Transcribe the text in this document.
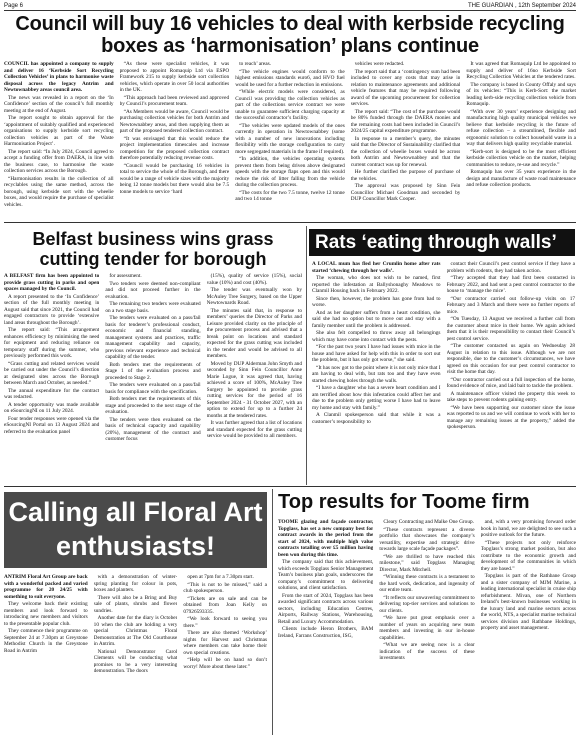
Page 6	THE GUARDIAN , 12th September 2024
Council will buy 16 vehicles to deal with kerbside recycling boxes as ‘harmonisation’ plans continue

COUNCIL has appointed a company to supply and deliver 16 ‘Kerbside Sort Recycling Collection Vehicles’ in plans to harmonise waste disposal across the legacy Antrim and Newtownabbey areas council area.

The news was revealed in a report on the ‘In Confidence’ section of the council’s full monthly meeting at the end of August.

The report sought to obtain approval for the ‘appointment of suitably qualified and experienced organisations to supply kerbside sort recycling collection vehicles as part of the Waste Harmonisation Project’.

The report said: “In July 2024, Council agreed to accept a funding offer from DAERA, in line with the business case, to harmonise the waste collection services across the Borough.

“Harmonisation results in the collection of all recyclables using the same method, across the borough, using kerbside sort with the wheelie boxes, and would require the purchase of specialist vehicles.

“As these were specialist vehicles, it was proposed to appoint Romaquip Ltd via ESPO Framework 215 to supply kerbside sort collection vehicles, which operate in over 50 local authorities in the UK.

“This approach had been reviewed and approved by Council’s procurement team.

“As Members would be aware, Council would be purchasing collection vehicles for both Antrim and Newtownabbey areas, and then supplying them as part of the proposed tendered collection contract.

“It was envisaged that this would reduce the project implementation timescales and increase competition for the proposed collection contract therefore potentially reducing revenue costs.

“Council would be purchasing 16 vehicles in total to service the whole of the Borough, and there would be a range of vehicle sizes with the majority being 12 tonne models but there would also be 7.5 tonne models to service ‘hard

to reach’ areas.

“The vehicle engines would conform to the highest emissions standards euro6, and HVO fuel would be used for a further reduction in emissions.

“While electric models were considered, as Council was providing the collection vehicles as part of the collections service contract we were unable to guarantee sufficient charging capacity at the successful contractor’s facility.

“The vehicles were updated models of the ones currently in operation in Newtownabbey (some with a number of new innovations including flexibility with the storage configuration to carry more segregated materials in the frame if required).

“In addition, the vehicles operating systems prevent them from being driven above designated speeds with the storage flaps open and this would reduce the risk of litter falling from the vehicle during the collection process.

“The costs for the two 7.5 tonne, twelve 12 tonne and two 14 tonne

vehicles were redacted.

The report said that a ‘contingency sum had been included to cover any costs that may arise in relation to maintenance agreements and additional vehicle features that may be required following award of the upcoming procurement for collection services.

The report said: “The cost of the purchase would be 80% funded through the DAERA monies and the remaining costs had been included in Council’s 2024/25 capital expenditure programme.

In response to a member’s query, the minutes said that the Director of Sustainability clarified that the collection of wheelie boxes would be across both Antrim and Newtownabbey and that the current contract was up for renewal.

He further clarified the purpose of purchase of the vehicles.

The approval was proposed by Sinn Fein Councillor Michael Goodman and seconded by DUP Councillor Mark Cooper.

It was agreed that Romaquip Ltd be appointed to supply and deliver of 16no Kerbside Sort Recycling Collection Vehicles at the tendered rates.

The company is based in County Offaly and says of its vehicles: “This is Kerb-Sort: the market leading kerb-side recycling collection vehicle from Romaquip.

“With over 30 years’ experience designing and manufacturing high quality municipal vehicles we believe that kerbside recycling is the future of refuse collection – a streamlined, flexible and ergonomic solution to collect household waste in a way that delivers high quality recyclable material.

“Kerb-sort is designed to be the most efficient kerbside collection vehicle on the market, helping communities to reduce, re-use and recycle.”

Romaquip has over 35 years experience in the design and manufacture of waste road maintenance and refuse collection products.

Belfast business wins grass cutting tender for borough

A BELFAST firm has been appointed to provide grass cutting in parks and open spaces managed by the Council.

A report presented to the ‘In Confidence’ section of the full monthly meeting in August said that since 2021, the Council had engaged contractors to provide ‘extensive land areas throughout the Borough’.

The report said: “This arrangement enhances efficiency by minimising the need for equipment and reducing reliance on temporary staff during the summer, who previously performed this work.

“Grass cutting and related services would be carried out under the Council’s direction at designated sites across the Borough between March and October, as needed.”

The annual expenditure for the contract was redacted.

A tender opportunity was made available on eSourcingNI on 11 July 2024.

Four tender responses were opened via the eSourcingNI Portal on 13 August 2024 and referred to the evaluation panel

for assessment.

Two tenders were deemed non-compliant and did not proceed further in the evaluation.

The remaining two tenders were evaluated on a two stage basis.

The tenders were evaluated on a pass/fail basis for tenderer’s professional conduct, economic and financial standing, management systems and practices, traffic management capability and capacity, previous relevant experience and technical capability of the tender.

Both tenders met the requirements of Stage 1 of the evaluation process and proceeded to Stage 2.

The tenders were evaluated on a pass/fail basis for compliance with the specification.

Both tenders met the requirements of this stage and proceeded to the next stage of the evaluation.

The tenders were then evaluated on the basis of technical capacity and capability (20%), management of the contract and customer focus

(15%), quality of service (15%), social value (10%) and cost (40%).

The tender was eventually won by McAuley Tree Surgery, based on the Upper Newtownards Road.

The minutes said that, in response to members’ queries the Director of Parks and Leisure provided clarity on the principle of the procurement process and advised that a break point on locations and standard expected for the grass cutting was included in the tender and would be advised to all members.

Moved by DUP Alderman John Smyth and seconded by Sinn Fein Councillor Anne Marie Logue, it was agreed that, having achieved a score of 100%, McAuley Tree Surgery be appointed to provide grass cutting services for the period of 16 September 2024 - 31 October 2027, with an option to extend for up to a further 24 months at the tendered rates.

It was further agreed that a list of locations and standard expected for the grass cutting service would be provided to all members.

Rats ‘eating through walls’

A LOCAL mum has fled her Crumlin home after rats started ‘chewing through her walls’.

The woman, who does not wish to be named, first reported the infestation at Ballyshonaghy Meadows to Clanmil Housing back in February 2022.

Since then, however, the problem has gone from bad to worse.

And as her daughter suffers from a heart condition, she said she had no option but to move out and stay with a family member until the problem is addressed.

She also felt compelled to throw away all belongings which may have come into contact with the pests.

“For the past two years I have had issues with mice in the house and have asked for help with this in order to sort out the problem, but it has only got worse,” she said.

“It has now got to the point where it is not only mice that I am having to deal with, but rats too and they have even started chewing holes through the walls.

“I have a daughter who has a severe heart condition and I am terrified about how this infestation could affect her and due to the problem only getting worse I have had to leave my home and stay with family.”

A Clanmil spokesperson said that while it was a customer’s responsibility to

contact their Council’s pest control service if they have a problem with rodents, they had taken action.

“They accepted that they had first been contacted in February 2022, and had sent a pest control contractor to the house to ‘manage the mice’.

“Our contractor carried out follow-up visits on 17 February and 3 March and there were no further reports of mice.

“On Tuesday, 13 August we received a further call from the customer about mice in their home. We again advised them that it is their responsibility to contact their Council’s pest control service.

“The customer contacted us again on Wednesday 28 August in relation to this issue. Although we are not responsible, due to the customer’s circumstances, we have agreed on this occasion for our pest control contractor to visit the home that day.

“Our contractor carried out a full inspection of the home, found evidence of mice, and laid bait to tackle the problem.

A maintenance officer visited the property this week to take steps to prevent rodents gaining entry.

“We have been supporting our customer since the issue was reported to us and we will continue to work with her to manage any remaining issues at the property,” added the spokesperson.

Calling all Floral Art enthusiasts!

ANTRIM Floral Art Group are back with a wonderful packed and varied programme for 20 24/25 with something to suit everyone.

They welcome back their existing members and look forward to introducing new members and visitors to the presentable popular club.

They commence their programme on September 24 at 7.30pm at Greystone Methodist Church in the Greystone Road in Antrim

with a demonstration of winter-spring planting for colour in pots, boxes and planters.

There will also be a Bring and Buy sale of plants, shrubs and flower sundries.

Another date for the diary is October 10 when the club are holding a very special Christmas Floral Demonstration at The Old Courthouse in Antrim.

National Demonstrator Carol Clements will be conducting what promises to be a very interesting demonstration. The doors

open at 7pm for a 7.30pm start.

“This is not to be missed,” said a club spokesperson.

“Tickets are on sale and can be obtained from Joan Kelly on 07926593335.

“We look forward to seeing you there.”

There are also themed ‘Workshop’ nights for Harvest and Christmas where members can take home their own special creations.

“Help will be on hand so don’t worry! More about these later.”

Top results for Toome firm

TOOME glazing and façade contractor, Topglass, has set a new company best for contract awards in the period from the start of 2024, with multiple high value contracts totalling over £5 million having been won during this time.

The company said that this achievement, which exceeds Topglass Senior Management Team’s business plan goals, underscores the company’s commitment to delivering solutions, and client satisfaction.

From the start of 2024, Topglass has been awarded significant contracts across various sectors, including Education Centres, Airports, Railway Stations, Warehousing, Retail and Luxury Accommodation.

Clients include Heron Brothers, BAM Ireland, Farrans Construction, ISG,

Cleary Contracting and Malke One Group.

“These contracts represent a diverse portfolio that showcases the company’s versatility, expertise and strategic drive towards large scale façade packages”.

“We are thrilled to have reached this milestone,” said Topglass Managing Director, Mark Mitchell.

“Winning these contracts is a testament to the hard work, dedication, and ingenuity of our entire team.

“It reflects our unwavering commitment to delivering top-tier services and solutions to our clients.

“We have put great emphasis over a number of years on acquiring new team members and investing in our in-house capabilities.

“What we are seeing now is a clear indication of the success of these investments

and, with a very promising forward order book in hand, we are delighted to see such a positive outlook for the future.

“These projects not only reinforce Topglass’s strong market position, but also contribute to the economic growth and development of the communities in which they are based.”

Topglass is part of the Rathbane Group and a sister company of MJM Marine, a leading international specialist in cruise ship refurbishment. Mivan, one of Northern Ireland’s best-known businesses working in the luxury land and marine sectors across the world, NTS, a specialist marine technical services division and Rathbane Holdings, property and asset management.
